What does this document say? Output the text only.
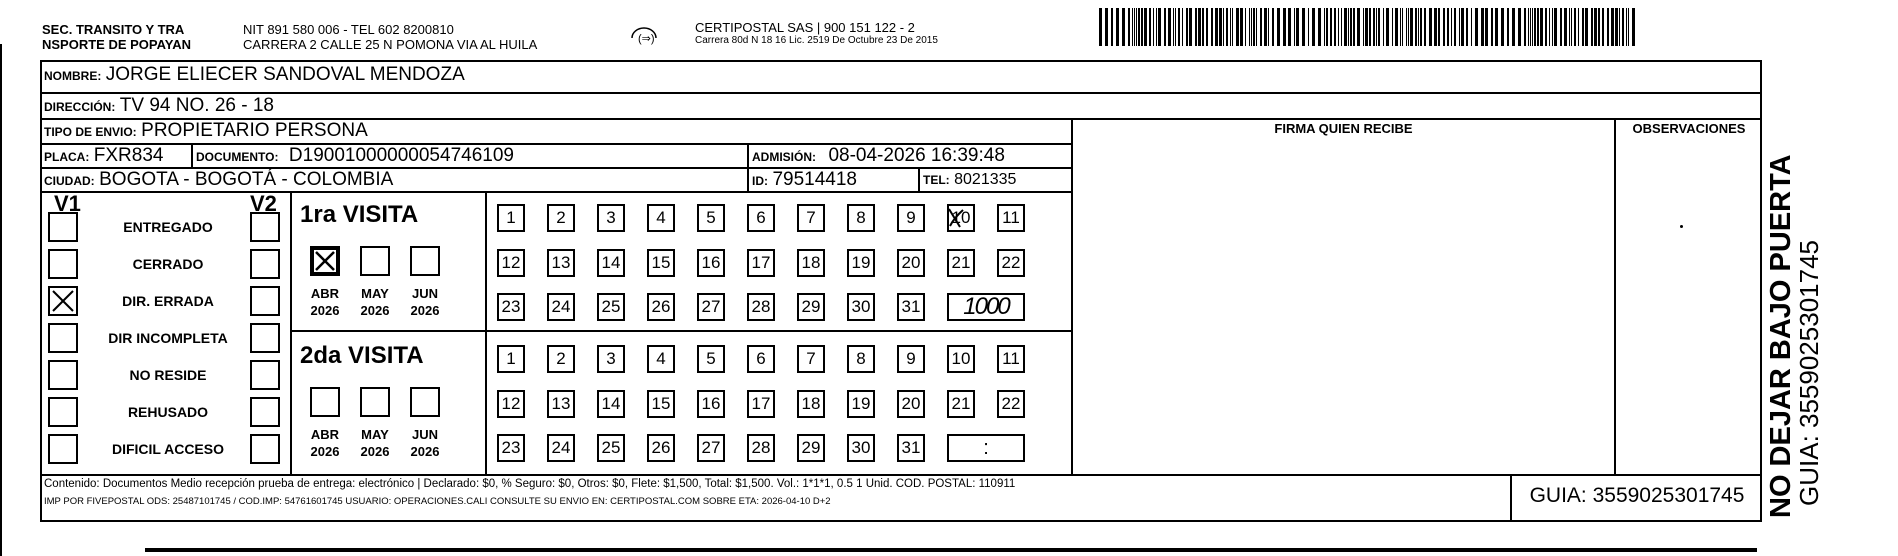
SEC. TRANSITO Y TRA
NSPORTE DE POPAYAN
NIT 891 580 006 - TEL 602 8200810
CARRERA 2 CALLE 25 N POMONA VIA AL HUILA	(⇒)
CERTIPOSTAL SAS | 900 151 122 - 2
Carrera 80d N 18 16 Lic. 2519 De Octubre 23 De 2015
NOMBRE: JORGE ELIECER SANDOVAL MENDOZA
DIRECCIÓN: TV 94 NO. 26 - 18
TIPO DE ENVIO: PROPIETARIO PERSONA
PLACA: FXR834	DOCUMENTO: D19001000000054746109	ADMISIÓN: 08-04-2026 16:39:48
CIUDAD: BOGOTA - BOGOTÁ - COLOMBIA	ID: 79514418	TEL: 8021335
FIRMA QUIEN RECIBE	OBSERVACIONES
V1	V2
ENTREGADO
CERRADO
DIR. ERRADA
DIR INCOMPLETA
NO RESIDE
REHUSADO
DIFICIL ACCESO
1ra VISITA
ABR
2026
MAY
2026
JUN
2026
1	2	3	4	5	6	7	8	9	10	11
12 13 14 15 16 17 18 19 20 21 22
23 24 25 26 27 28 29 30 31	1000
2da VISITA
ABR
2026
MAY
2026
JUN
2026
1	2	3	4	5	6	7	8	9	10	11
12 13 14 15 16 17 18 19 20 21 22
23 24 25 26 27 28 29 30 31	:
Contenido: Documentos Medio recepción prueba de entrega: electrónico | Declarado: $0, % Seguro: $0, Otros: $0, Flete: $1,500, Total: $1,500. Vol.: 1*1*1, 0.5 1 Unid. COD. POSTAL: 110911
IMP POR FIVEPOSTAL ODS: 25487101745 / COD.IMP: 54761601745 USUARIO: OPERACIONES.CALI CONSULTE SU ENVIO EN: CERTIPOSTAL.COM SOBRE ETA: 2026-04-10 D+2	GUIA: 3559025301745 NO DEJAR BAJO PUERTA
GUIA: 3559025301745
